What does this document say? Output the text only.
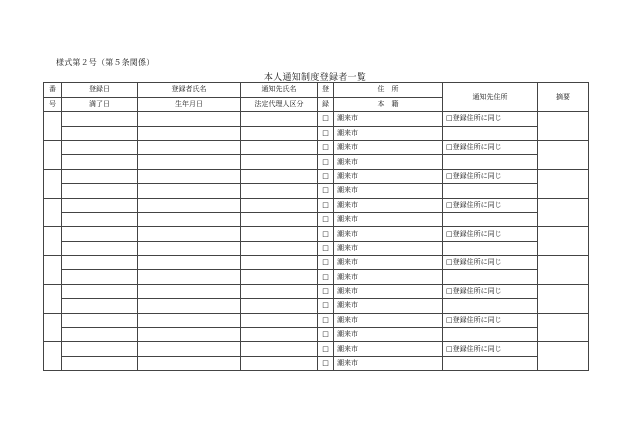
様式第２号（第５条関係）
本人通知制度登録者一覧
番	登録日	登録者氏名	通知先氏名	登	住　所	通知先住所	摘要
号	満了日	生年月日	法定代理人区分	録	本　籍		
				□	潮来市	□登録住所に同じ	
				□	潮来市		
				□	潮来市	□登録住所に同じ	
				□	潮来市		
				□	潮来市	□登録住所に同じ	
				□	潮来市		
				□	潮来市	□登録住所に同じ	
				□	潮来市		
				□	潮来市	□登録住所に同じ	
				□	潮来市		
				□	潮来市	□登録住所に同じ	
				□	潮来市		
				□	潮来市	□登録住所に同じ	
				□	潮来市		
				□	潮来市	□登録住所に同じ	
				□	潮来市		
				□	潮来市	□登録住所に同じ	
				□	潮来市		
